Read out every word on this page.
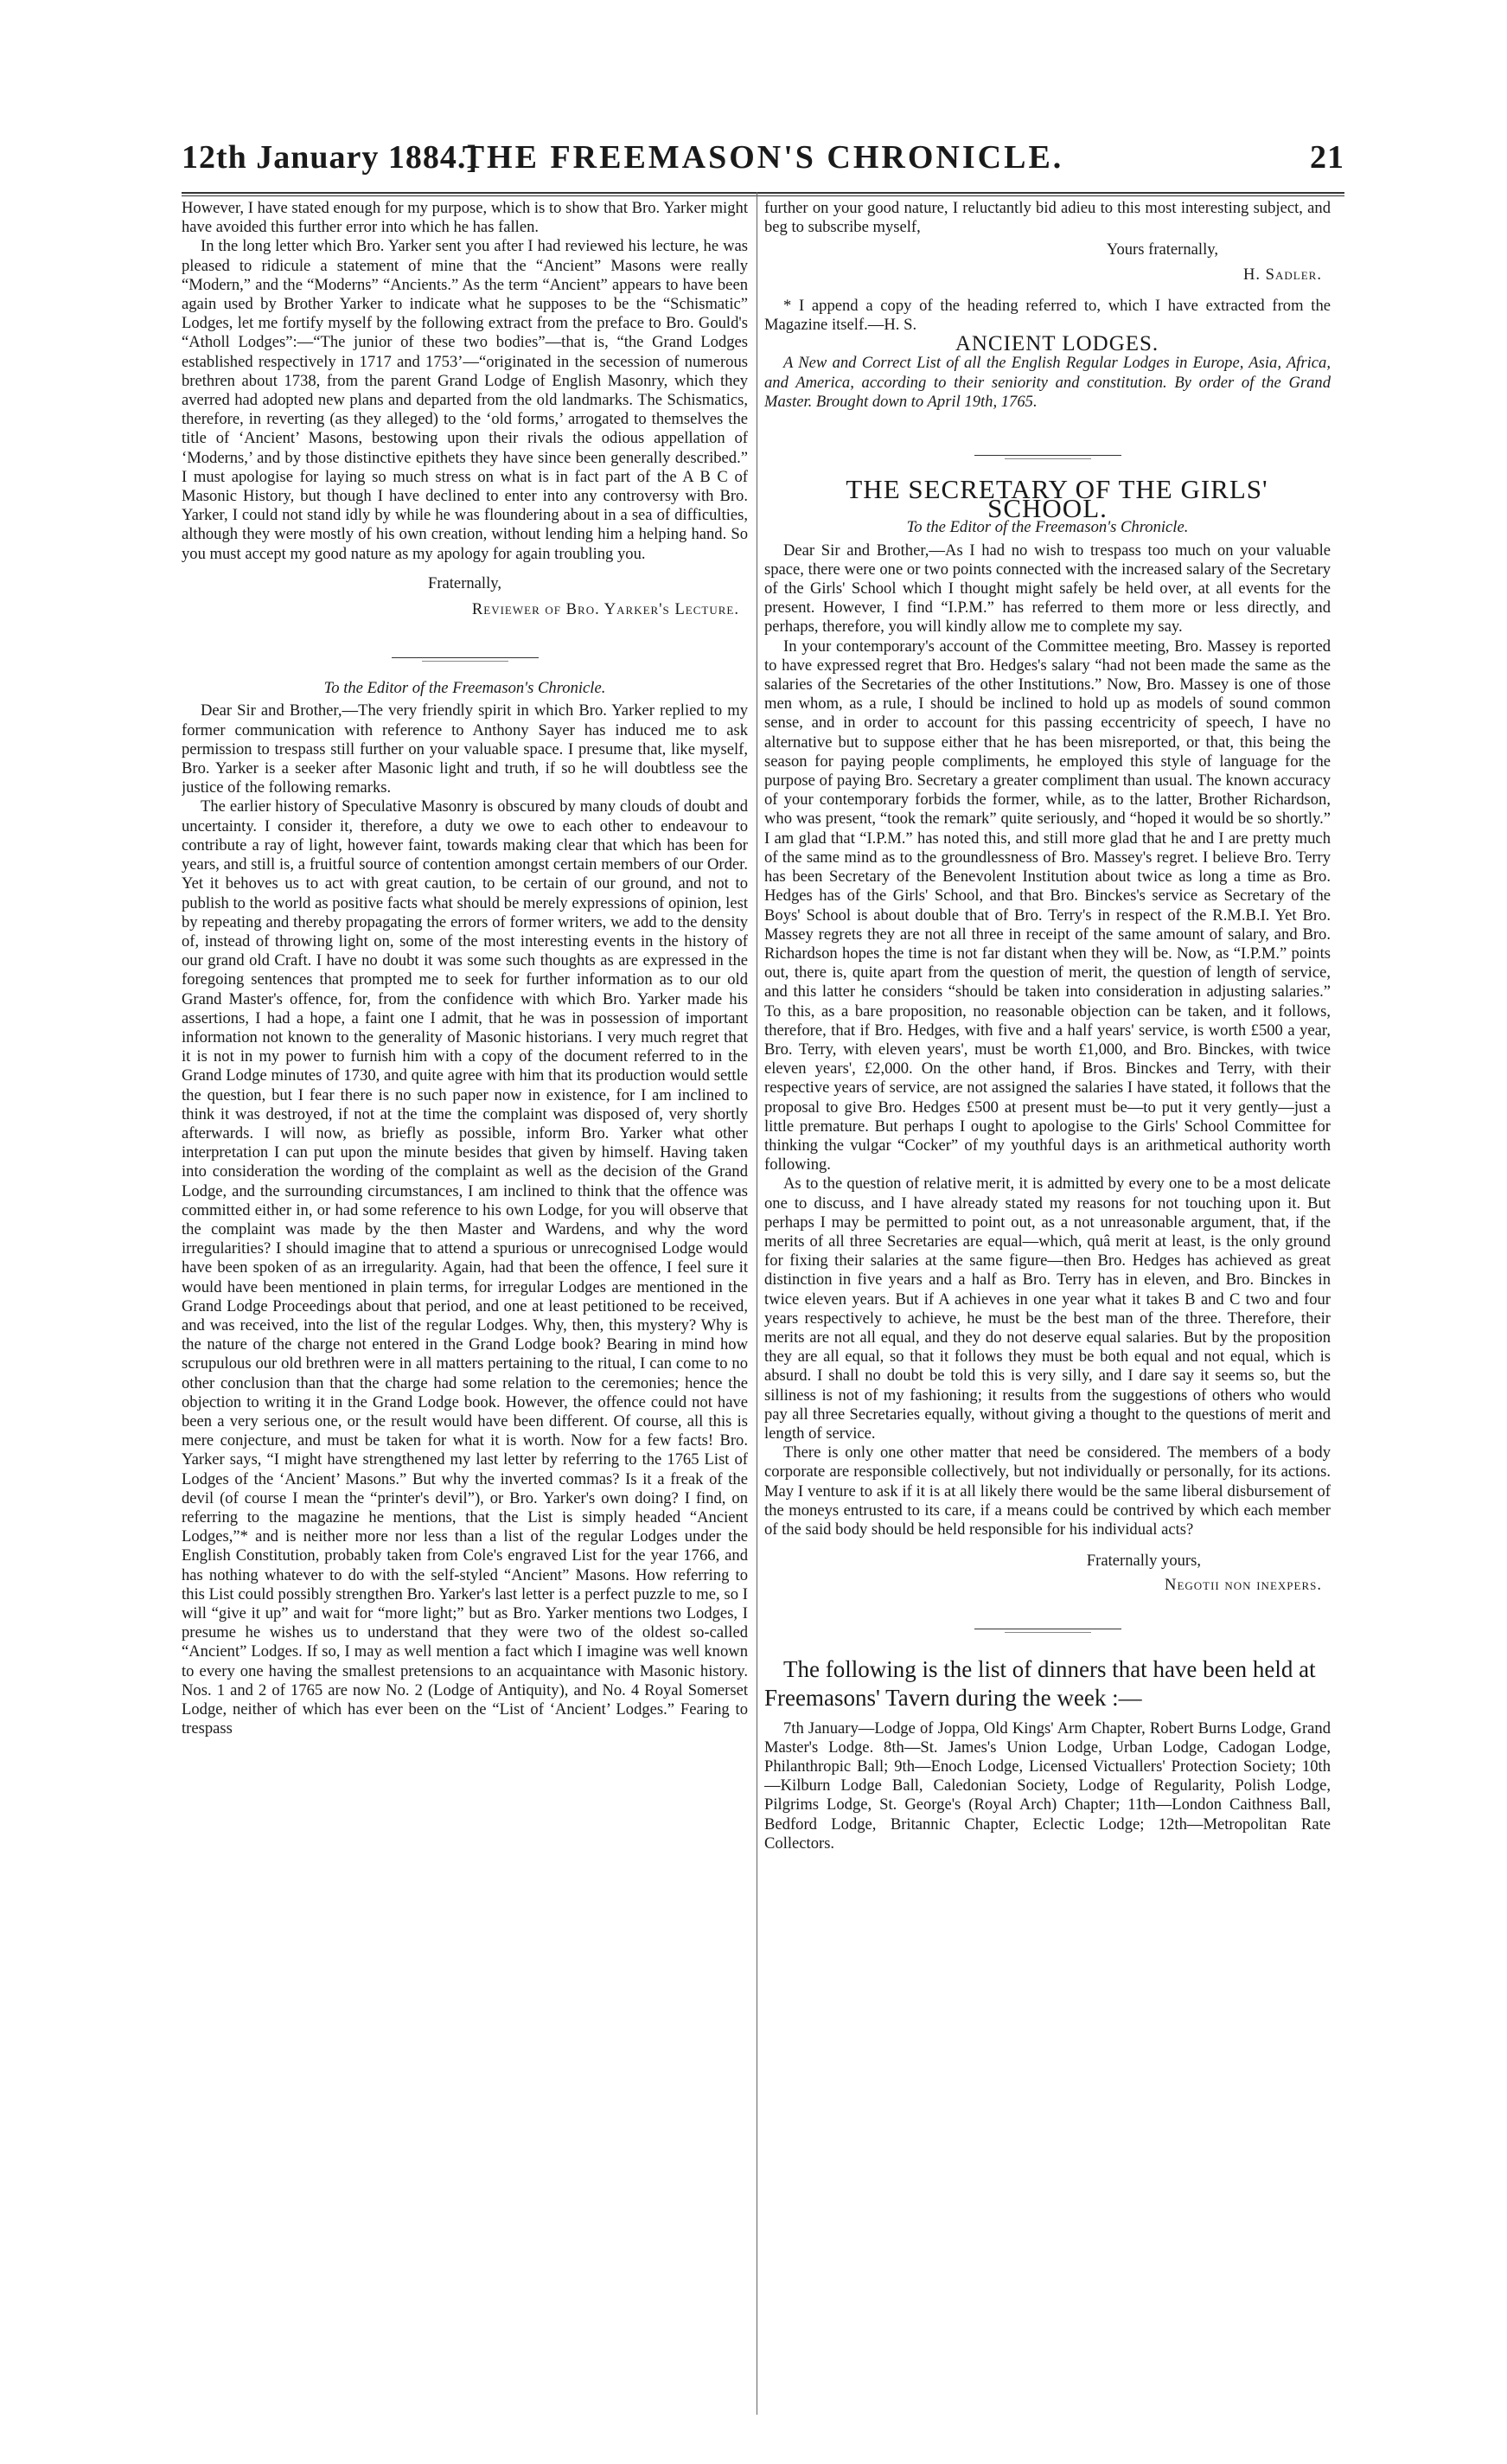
12th January 1884.]
THE FREEMASON'S CHRONICLE.	21

However, I have stated enough for my purpose, which is to show that Bro. Yarker might have avoided this further error into which he has fallen.

In the long letter which Bro. Yarker sent you after I had reviewed his lecture, he was pleased to ridicule a statement of mine that the “Ancient” Masons were really “Modern,” and the “Moderns” “Ancients.” As the term “Ancient” appears to have been again used by Brother Yarker to indicate what he supposes to be the “Schismatic” Lodges, let me fortify myself by the following extract from the preface to Bro. Gould's “Atholl Lodges”:—“The junior of these two bodies”—that is, “the Grand Lodges established respectively in 1717 and 1753’—“originated in the secession of numerous brethren about 1738, from the parent Grand Lodge of English Masonry, which they averred had adopted new plans and departed from the old landmarks. The Schismatics, therefore, in reverting (as they alleged) to the ‘old forms,’ arrogated to themselves the title of ‘Ancient’ Masons, bestowing upon their rivals the odious appellation of ‘Moderns,’ and by those distinctive epithets they have since been generally described.” I must apologise for laying so much stress on what is in fact part of the A B C of Masonic History, but though I have declined to enter into any controversy with Bro. Yarker, I could not stand idly by while he was floundering about in a sea of difficulties, although they were mostly of his own creation, without lending him a helping hand. So you must accept my good nature as my apology for again troubling you.

Fraternally,

Reviewer of Bro. Yarker's Lecture.

To the Editor of the Freemason's Chronicle.

Dear Sir and Brother,—The very friendly spirit in which Bro. Yarker replied to my former communication with reference to Anthony Sayer has induced me to ask permission to trespass still further on your valuable space. I presume that, like myself, Bro. Yarker is a seeker after Masonic light and truth, if so he will doubtless see the justice of the following remarks.

The earlier history of Speculative Masonry is obscured by many clouds of doubt and uncertainty. I consider it, therefore, a duty we owe to each other to endeavour to contribute a ray of light, however faint, towards making clear that which has been for years, and still is, a fruitful source of contention amongst certain members of our Order. Yet it behoves us to act with great caution, to be certain of our ground, and not to publish to the world as positive facts what should be merely expressions of opinion, lest by repeating and thereby propagating the errors of former writers, we add to the density of, instead of throwing light on, some of the most interesting events in the history of our grand old Craft. I have no doubt it was some such thoughts as are expressed in the foregoing sentences that prompted me to seek for further information as to our old Grand Master's offence, for, from the confidence with which Bro. Yarker made his assertions, I had a hope, a faint one I admit, that he was in possession of important information not known to the generality of Masonic historians. I very much regret that it is not in my power to furnish him with a copy of the document referred to in the Grand Lodge minutes of 1730, and quite agree with him that its production would settle the question, but I fear there is no such paper now in existence, for I am inclined to think it was destroyed, if not at the time the complaint was disposed of, very shortly afterwards. I will now, as briefly as possible, inform Bro. Yarker what other interpretation I can put upon the minute besides that given by himself. Having taken into consideration the wording of the complaint as well as the decision of the Grand Lodge, and the surrounding circumstances, I am inclined to think that the offence was committed either in, or had some reference to his own Lodge, for you will observe that the complaint was made by the then Master and Wardens, and why the word irregularities? I should imagine that to attend a spurious or unrecognised Lodge would have been spoken of as an irregularity. Again, had that been the offence, I feel sure it would have been mentioned in plain terms, for irregular Lodges are mentioned in the Grand Lodge Proceedings about that period, and one at least petitioned to be received, and was received, into the list of the regular Lodges. Why, then, this mystery? Why is the nature of the charge not entered in the Grand Lodge book? Bearing in mind how scrupulous our old brethren were in all matters pertaining to the ritual, I can come to no other conclusion than that the charge had some relation to the ceremonies; hence the objection to writing it in the Grand Lodge book. However, the offence could not have been a very serious one, or the result would have been different. Of course, all this is mere conjecture, and must be taken for what it is worth. Now for a few facts! Bro. Yarker says, “I might have strengthened my last letter by referring to the 1765 List of Lodges of the ‘Ancient’ Masons.” But why the inverted commas? Is it a freak of the devil (of course I mean the “printer's devil”), or Bro. Yarker's own doing? I find, on referring to the magazine he mentions, that the List is simply headed “Ancient Lodges,”* and is neither more nor less than a list of the regular Lodges under the English Constitution, probably taken from Cole's engraved List for the year 1766, and has nothing whatever to do with the self-styled “Ancient” Masons. How referring to this List could possibly strengthen Bro. Yarker's last letter is a perfect puzzle to me, so I will “give it up” and wait for “more light;” but as Bro. Yarker mentions two Lodges, I presume he wishes us to understand that they were two of the oldest so-called “Ancient” Lodges. If so, I may as well mention a fact which I imagine was well known to every one having the smallest pretensions to an acquaintance with Masonic history. Nos. 1 and 2 of 1765 are now No. 2 (Lodge of Antiquity), and No. 4 Royal Somerset Lodge, neither of which has ever been on the “List of ‘Ancient’ Lodges.” Fearing to trespass

further on your good nature, I reluctantly bid adieu to this most interesting subject, and beg to subscribe myself,

Yours fraternally,

H. Sadler.

* I append a copy of the heading referred to, which I have extracted from the Magazine itself.—H. S.

ANCIENT LODGES.

A New and Correct List of all the English Regular Lodges in Europe, Asia, Africa, and America, according to their seniority and constitution. By order of the Grand Master. Brought down to April 19th, 1765.

THE SECRETARY OF THE GIRLS' SCHOOL.

To the Editor of the Freemason's Chronicle.

Dear Sir and Brother,—As I had no wish to trespass too much on your valuable space, there were one or two points connected with the increased salary of the Secretary of the Girls' School which I thought might safely be held over, at all events for the present. However, I find “I.P.M.” has referred to them more or less directly, and perhaps, therefore, you will kindly allow me to complete my say.

In your contemporary's account of the Committee meeting, Bro. Massey is reported to have expressed regret that Bro. Hedges's salary “had not been made the same as the salaries of the Secretaries of the other Institutions.” Now, Bro. Massey is one of those men whom, as a rule, I should be inclined to hold up as models of sound common sense, and in order to account for this passing eccentricity of speech, I have no alternative but to suppose either that he has been misreported, or that, this being the season for paying people compliments, he employed this style of language for the purpose of paying Bro. Secretary a greater compliment than usual. The known accuracy of your contemporary forbids the former, while, as to the latter, Brother Richardson, who was present, “took the remark” quite seriously, and “hoped it would be so shortly.” I am glad that “I.P.M.” has noted this, and still more glad that he and I are pretty much of the same mind as to the groundlessness of Bro. Massey's regret. I believe Bro. Terry has been Secretary of the Benevolent Institution about twice as long a time as Bro. Hedges has of the Girls' School, and that Bro. Binckes's service as Secretary of the Boys' School is about double that of Bro. Terry's in respect of the R.M.B.I. Yet Bro. Massey regrets they are not all three in receipt of the same amount of salary, and Bro. Richardson hopes the time is not far distant when they will be. Now, as “I.P.M.” points out, there is, quite apart from the question of merit, the question of length of service, and this latter he considers “should be taken into consideration in adjusting salaries.” To this, as a bare proposition, no reasonable objection can be taken, and it follows, therefore, that if Bro. Hedges, with five and a half years' service, is worth £500 a year, Bro. Terry, with eleven years', must be worth £1,000, and Bro. Binckes, with twice eleven years', £2,000. On the other hand, if Bros. Binckes and Terry, with their respective years of service, are not assigned the salaries I have stated, it follows that the proposal to give Bro. Hedges £500 at present must be—to put it very gently—just a little premature. But perhaps I ought to apologise to the Girls' School Committee for thinking the vulgar “Cocker” of my youthful days is an arithmetical authority worth following.

As to the question of relative merit, it is admitted by every one to be a most delicate one to discuss, and I have already stated my reasons for not touching upon it. But perhaps I may be permitted to point out, as a not unreasonable argument, that, if the merits of all three Secretaries are equal—which, quâ merit at least, is the only ground for fixing their salaries at the same figure—then Bro. Hedges has achieved as great distinction in five years and a half as Bro. Terry has in eleven, and Bro. Binckes in twice eleven years. But if A achieves in one year what it takes B and C two and four years respectively to achieve, he must be the best man of the three. Therefore, their merits are not all equal, and they do not deserve equal salaries. But by the proposition they are all equal, so that it follows they must be both equal and not equal, which is absurd. I shall no doubt be told this is very silly, and I dare say it seems so, but the silliness is not of my fashioning; it results from the suggestions of others who would pay all three Secretaries equally, without giving a thought to the questions of merit and length of service.

There is only one other matter that need be considered. The members of a body corporate are responsible collectively, but not individually or personally, for its actions. May I venture to ask if it is at all likely there would be the same liberal disbursement of the moneys entrusted to its care, if a means could be contrived by which each member of the said body should be held responsible for his individual acts?

Fraternally yours,

Negotii non inexpers.

The following is the list of dinners that have been held at Freemasons' Tavern during the week :—

7th January—Lodge of Joppa, Old Kings' Arm Chapter, Robert Burns Lodge, Grand Master's Lodge. 8th—St. James's Union Lodge, Urban Lodge, Cadogan Lodge, Philanthropic Ball; 9th—Enoch Lodge, Licensed Victuallers' Protection Society; 10th—Kilburn Lodge Ball, Caledonian Society, Lodge of Regularity, Polish Lodge, Pilgrims Lodge, St. George's (Royal Arch) Chapter; 11th—London Caithness Ball, Bedford Lodge, Britannic Chapter, Eclectic Lodge; 12th—Metropolitan Rate Collectors.
